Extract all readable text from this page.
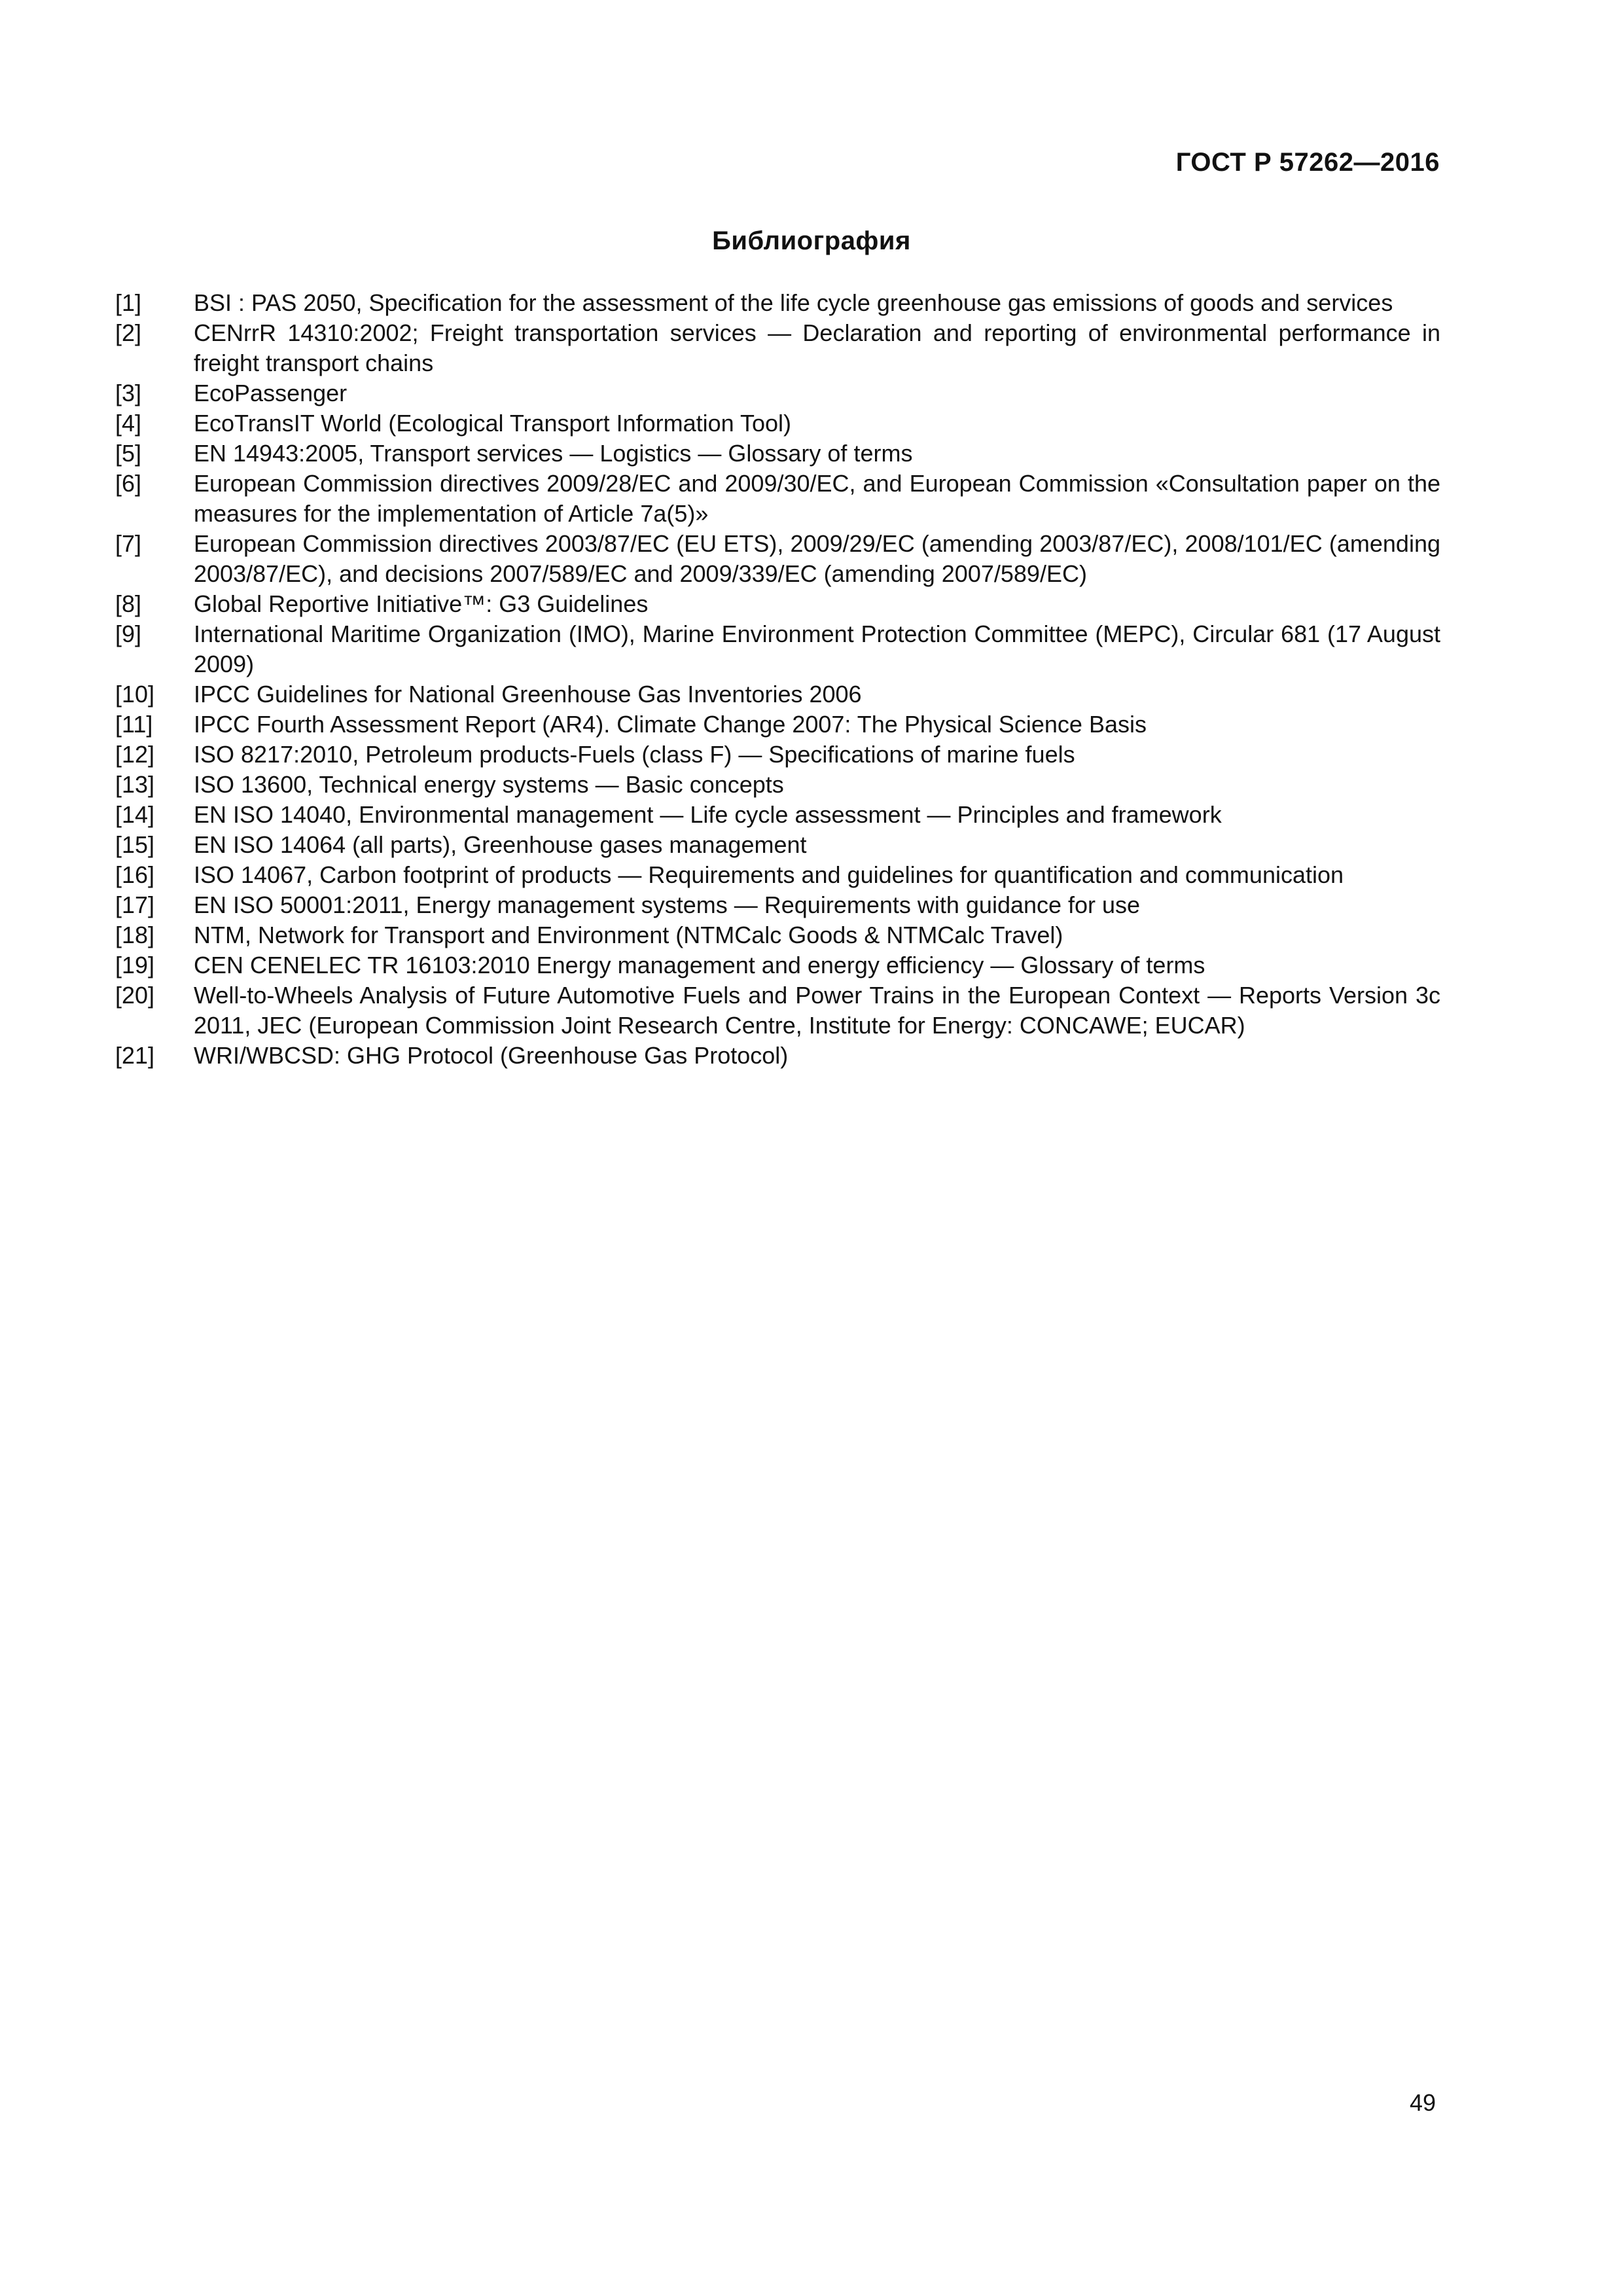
ГОСТ Р 57262—2016
Библиография
[1]	BSI : PAS 2050, Specification for the assessment of the life cycle greenhouse gas emissions of goods and services
[2]	CENrrR 14310:2002; Freight transportation services — Declaration and reporting of environmental performance in freight transport chains
[3]	EcoPassenger
[4]	EcoTransIT World (Ecological Transport Information Tool)
[5]	EN 14943:2005, Transport services — Logistics — Glossary of terms
[6]	European Commission directives 2009/28/EC and 2009/30/EC, and European Commission «Consultation paper on the measures for the implementation of Article 7a(5)»
[7]	European Commission directives 2003/87/EC (EU ETS), 2009/29/EC (amending 2003/87/EC), 2008/101/EC (amending 2003/87/EC), and decisions 2007/589/EC and 2009/339/EC (amending 2007/589/EC)
[8]	Global Reportive Initiative™: G3 Guidelines
[9]	International Maritime Organization (IMO), Marine Environment Protection Committee (MEPC), Circular 681 (17 August 2009)
[10]	IPCC Guidelines for National Greenhouse Gas Inventories 2006
[11]	IPCC Fourth Assessment Report (AR4). Climate Change 2007: The Physical Science Basis
[12]	ISO 8217:2010, Petroleum products-Fuels (class F) — Specifications of marine fuels
[13]	ISO 13600, Technical energy systems — Basic concepts
[14]	EN ISO 14040, Environmental management — Life cycle assessment — Principles and framework
[15]	EN ISO 14064 (all parts), Greenhouse gases management
[16]	ISO 14067, Carbon footprint of products — Requirements and guidelines for quantification and communication
[17]	EN ISO 50001:2011, Energy management systems — Requirements with guidance for use
[18]	NTM, Network for Transport and Environment (NTMCalc Goods & NTMCalc Travel)
[19]	CEN CENELEC TR 16103:2010 Energy management and energy efficiency — Glossary of terms
[20]	Well-to-Wheels Analysis of Future Automotive Fuels and Power Trains in the European Context — Reports Version 3c 2011, JEC (European Commission Joint Research Centre, Institute for Energy: CONCAWE; EUCAR)
[21]	WRI/WBCSD: GHG Protocol (Greenhouse Gas Protocol)
49
